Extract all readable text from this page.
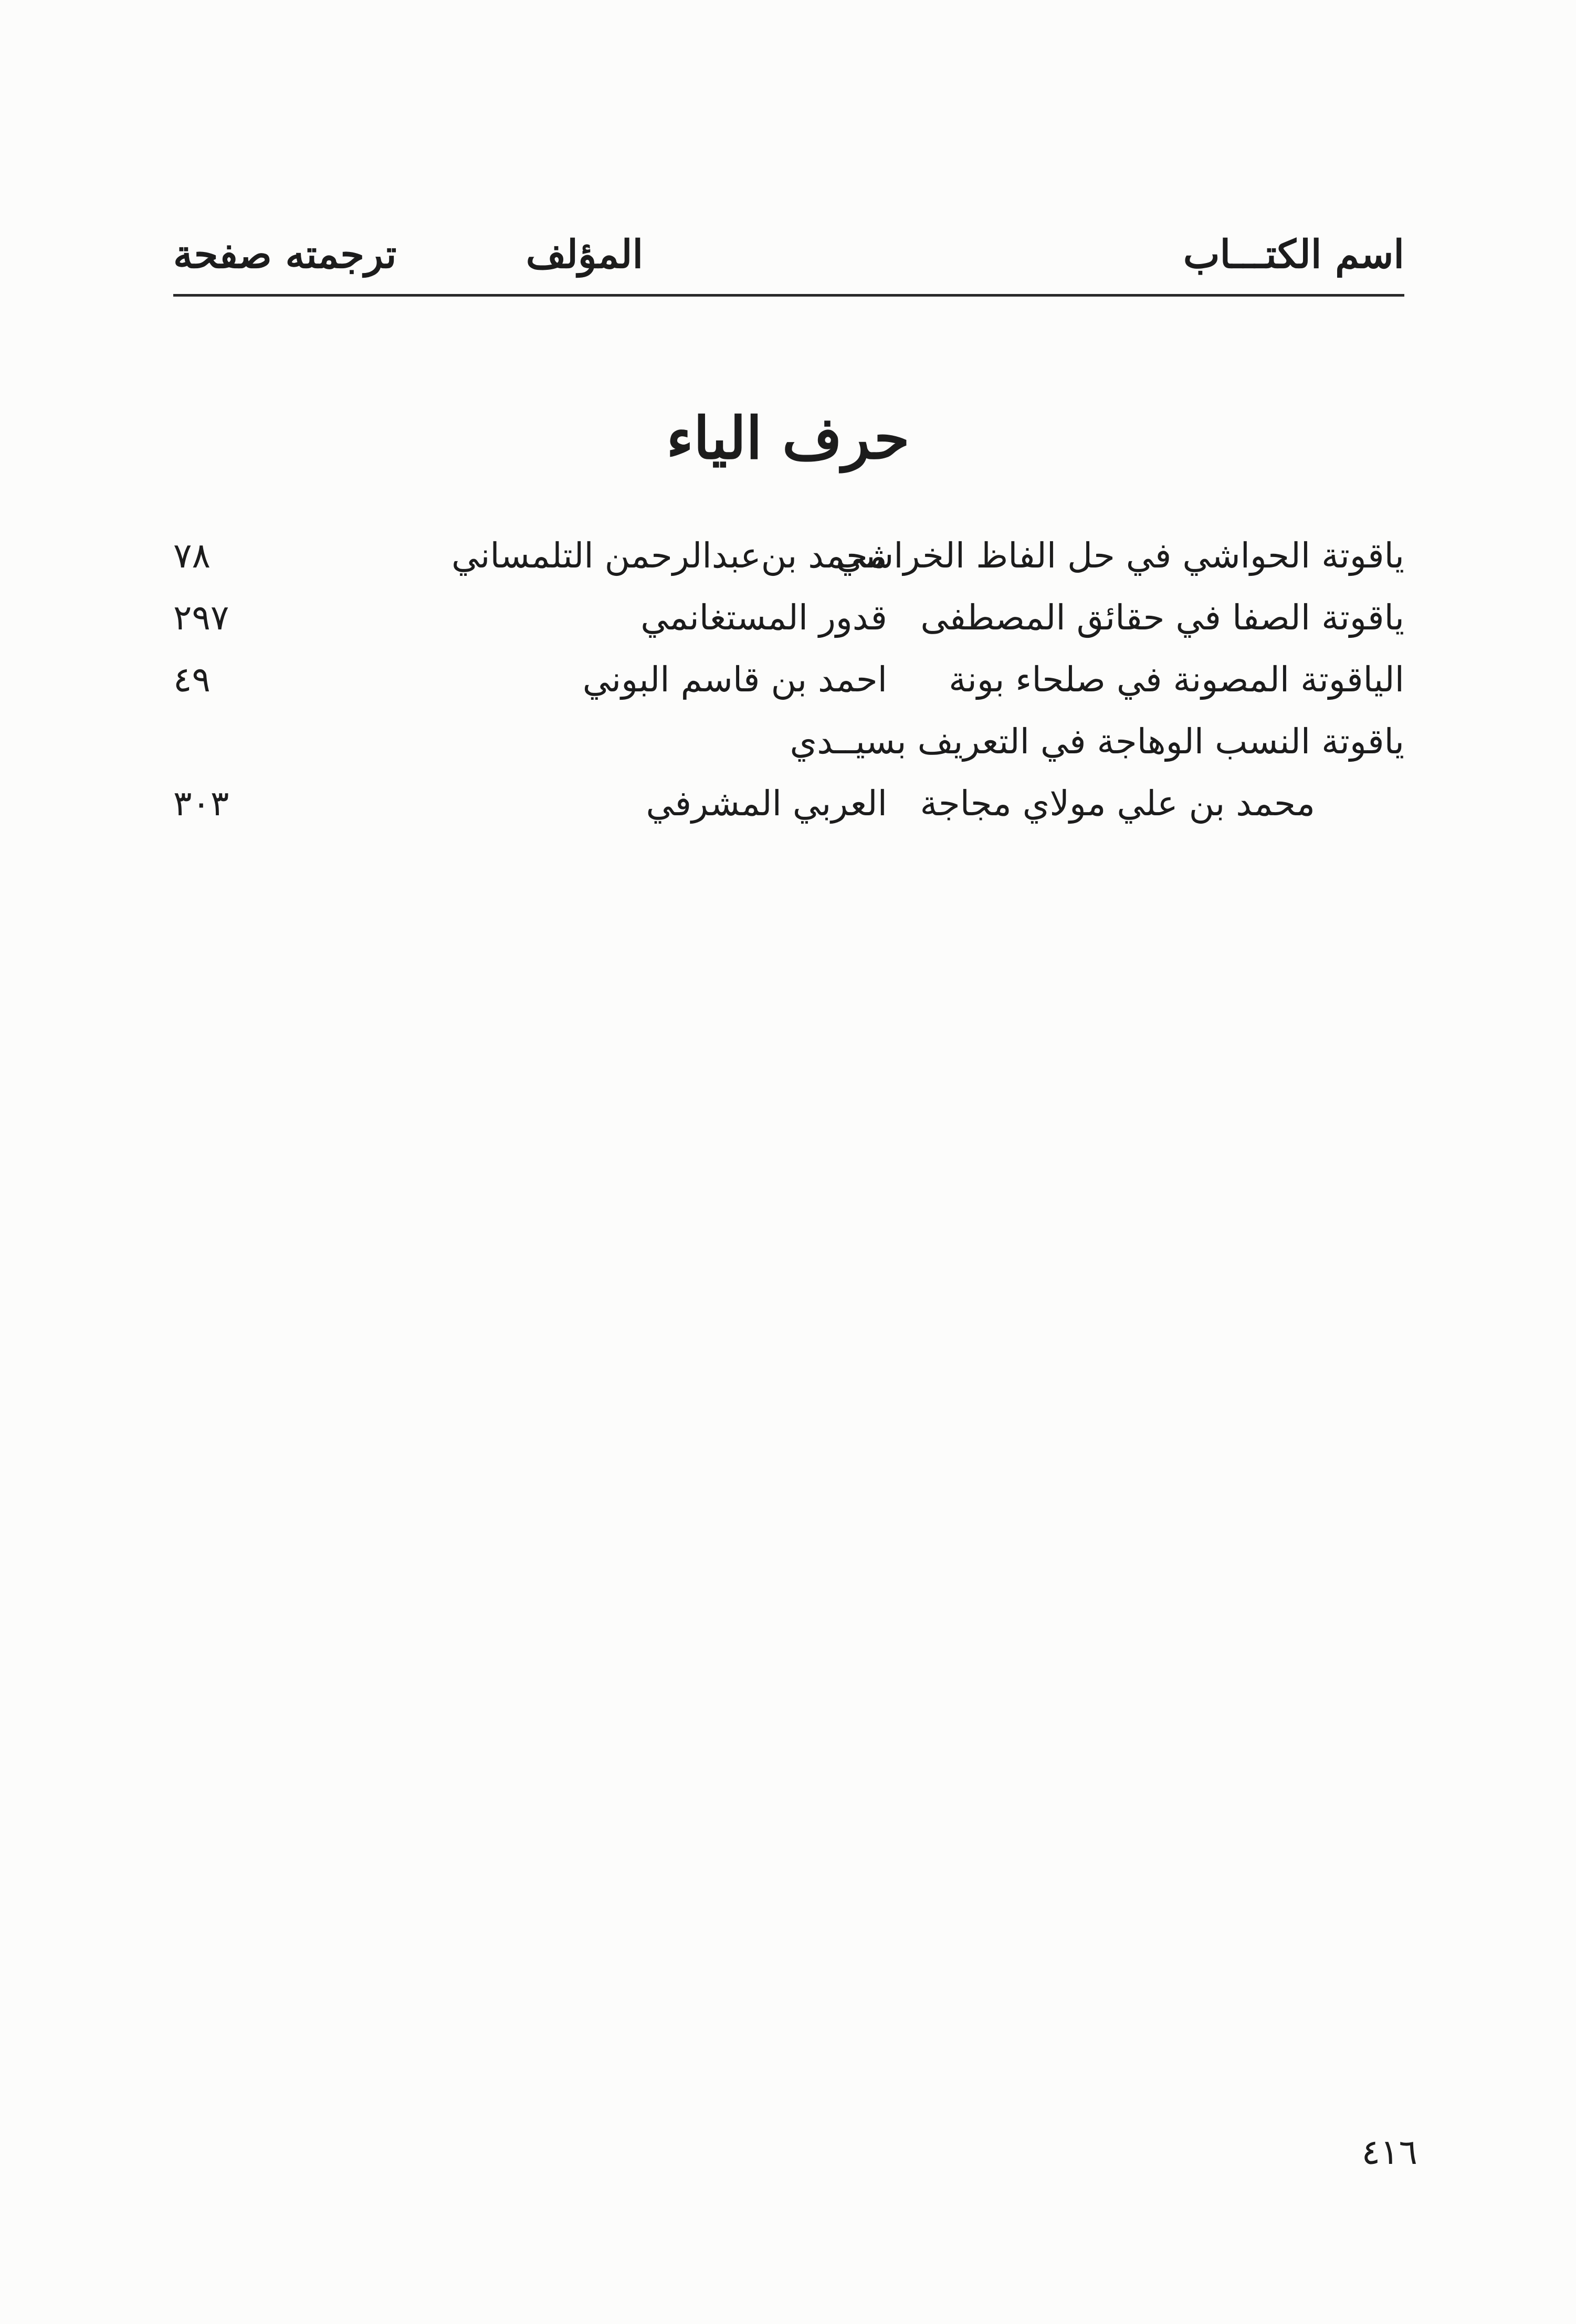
اسم الكتـــاب
المؤلف
ترجمته صفحة
حرف الياء
ياقوتة الحواشي في حل الفاظ الخراشي
محمد بن‌عبدالرحمن التلمساني
٧٨
ياقوتة الصفا في حقائق المصطفى
قدور المستغانمي
٢٩٧
الياقوتة المصونة في صلحاء بونة
احمد بن قاسم البوني
٤٩
ياقوتة النسب الوهاجة في التعريف بسيــدي
محمد بن علي مولاي مجاجة
العربي المشرفي
٣٠٣
٤١٦
